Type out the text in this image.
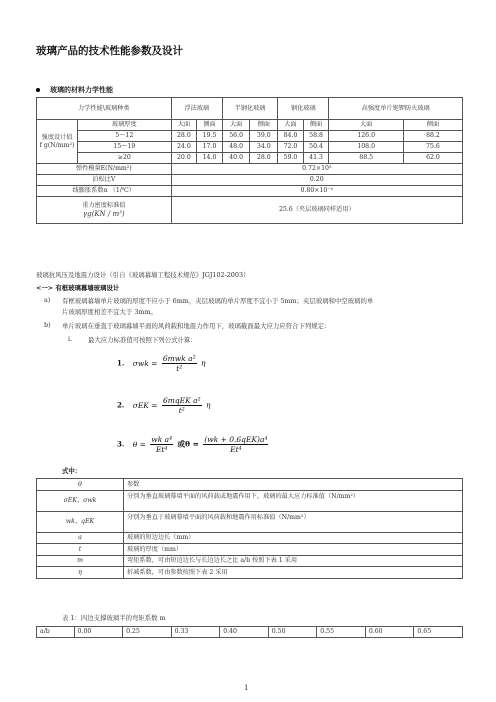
玻璃产品的技术性能参数及设计
玻璃的材料力学性能
力学性能\玻璃种类		浮法玻璃		半钢化玻璃		钢化玻璃		高强度单片铯钾防火玻璃	
强度设计值
f g(N/mm²)	玻璃厚度	大面	侧面	大面	侧面	大面	侧面	大面	侧面
	5～12	28.0	19.5	56.0	39.0	84.0	58.8	126.0	88.2
	15～19	24.0	17.0	48.0	34.0	72.0	50.4	108.0	75.6
	≥20	20.0	14.0	40.0	28.0	59.0	41.3	88.5	62.0
弹性模量E(N/mm²)		0.72×10⁵							
泊松比V		0.20							
线膨胀系数α （1/℃）		0.80×10⁻⁵							
重力密度标准值
γg(KN / m³)		25.6（夹层玻璃同样适用）							
玻璃抗风压及地震力设计（引自《玻璃幕墙工程技术规范》JGJ102-2003）
<一> 有框玻璃幕墙玻璃设计
a) 有框玻璃幕墙单片玻璃的厚度不应小于 6mm，夹层玻璃的单片厚度不宜小于 5mm；夹层玻璃和中空玻璃的单
片玻璃厚度相差不宜大于 3mm。
b) 单片玻璃在垂直于玻璃幕墙平面的风荷载和地震力作用下，玻璃截面最大应力应符合下列规定：
i. 最大应力标准值可按照下列公式计算：
1. $\sigma wk = \frac{\text{6mwk a²}}{\text{t²}}$ η
2. $\sigma EK = \frac{\text{6mqEK a²}}{\text{t²}}$ η
3. $\theta = \frac{\text{wk a⁴}}{\text{Et⁴}}$ 或$\theta = \frac{\text{(wk + 0.6qEK)a⁴}}{\text{Et⁴}}$
式中：
θ	参数
σEK、σwk	分别为垂直玻璃幕墙平面的风荷载或地震作用下，玻璃的最大应力标准值（N/mm²）
wk、qEK	分别为垂直于玻璃幕墙平面的风荷载和地震作用标准值（N/mm²）
a	玻璃的短边边长（mm）
t	玻璃的厚度（mm）
m	弯矩系数，可由短边边长与长边边长之比 a/b 按照下表 1 采用
η	折减系数，可由参数按照下表 2 采用
表 1：四边支撑玻璃半的弯矩系数 m
a/b	0.00	0.25	0.33	0.40	0.50	0.55	0.60	0.65
1
